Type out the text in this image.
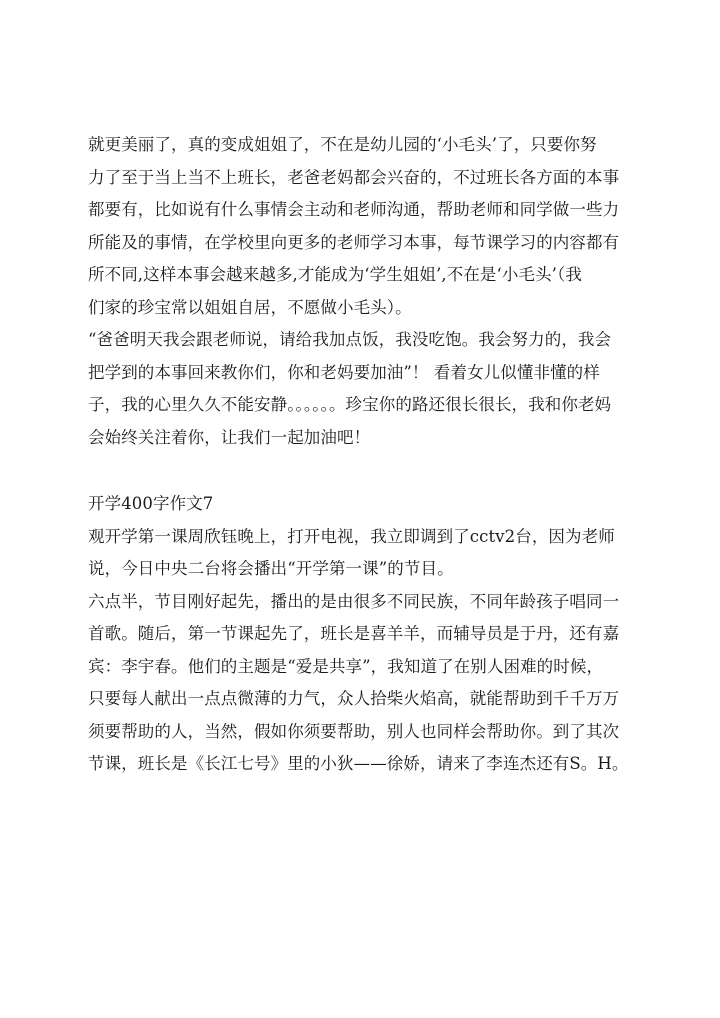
就更美丽了，真的变成姐姐了，不在是幼儿园的‘小毛头’了，只要你努
力了至于当上当不上班长，老爸老妈都会兴奋的，不过班长各方面的本事
都要有，比如说有什么事情会主动和老师沟通，帮助老师和同学做一些力
所能及的事情，在学校里向更多的老师学习本事，每节课学习的内容都有
所不同,这样本事会越来越多,才能成为‘学生姐姐’,不在是‘小毛头’（我
们家的珍宝常以姐姐自居，不愿做小毛头）。
“爸爸明天我会跟老师说，请给我加点饭，我没吃饱。我会努力的，我会
把学到的本事回来教你们，你和老妈要加油”！ 看着女儿似懂非懂的样
子，我的心里久久不能安静。。。。。。珍宝你的路还很长很长，我和你老妈
会始终关注着你，让我们一起加油吧！
开学400字作文7
观开学第一课周欣钰晚上，打开电视，我立即调到了cctv2台，因为老师
说，今日中央二台将会播出“开学第一课”的节目。
六点半，节目刚好起先，播出的是由很多不同民族，不同年龄孩子唱同一
首歌。随后，第一节课起先了，班长是喜羊羊，而辅导员是于丹，还有嘉
宾：李宇春。他们的主题是“爱是共享”，我知道了在别人困难的时候，
只要每人献出一点点微薄的力气，众人拾柴火焰高，就能帮助到千千万万
须要帮助的人，当然，假如你须要帮助，别人也同样会帮助你。到了其次
节课，班长是《长江七号》里的小狄——徐娇，请来了李连杰还有S。H。
